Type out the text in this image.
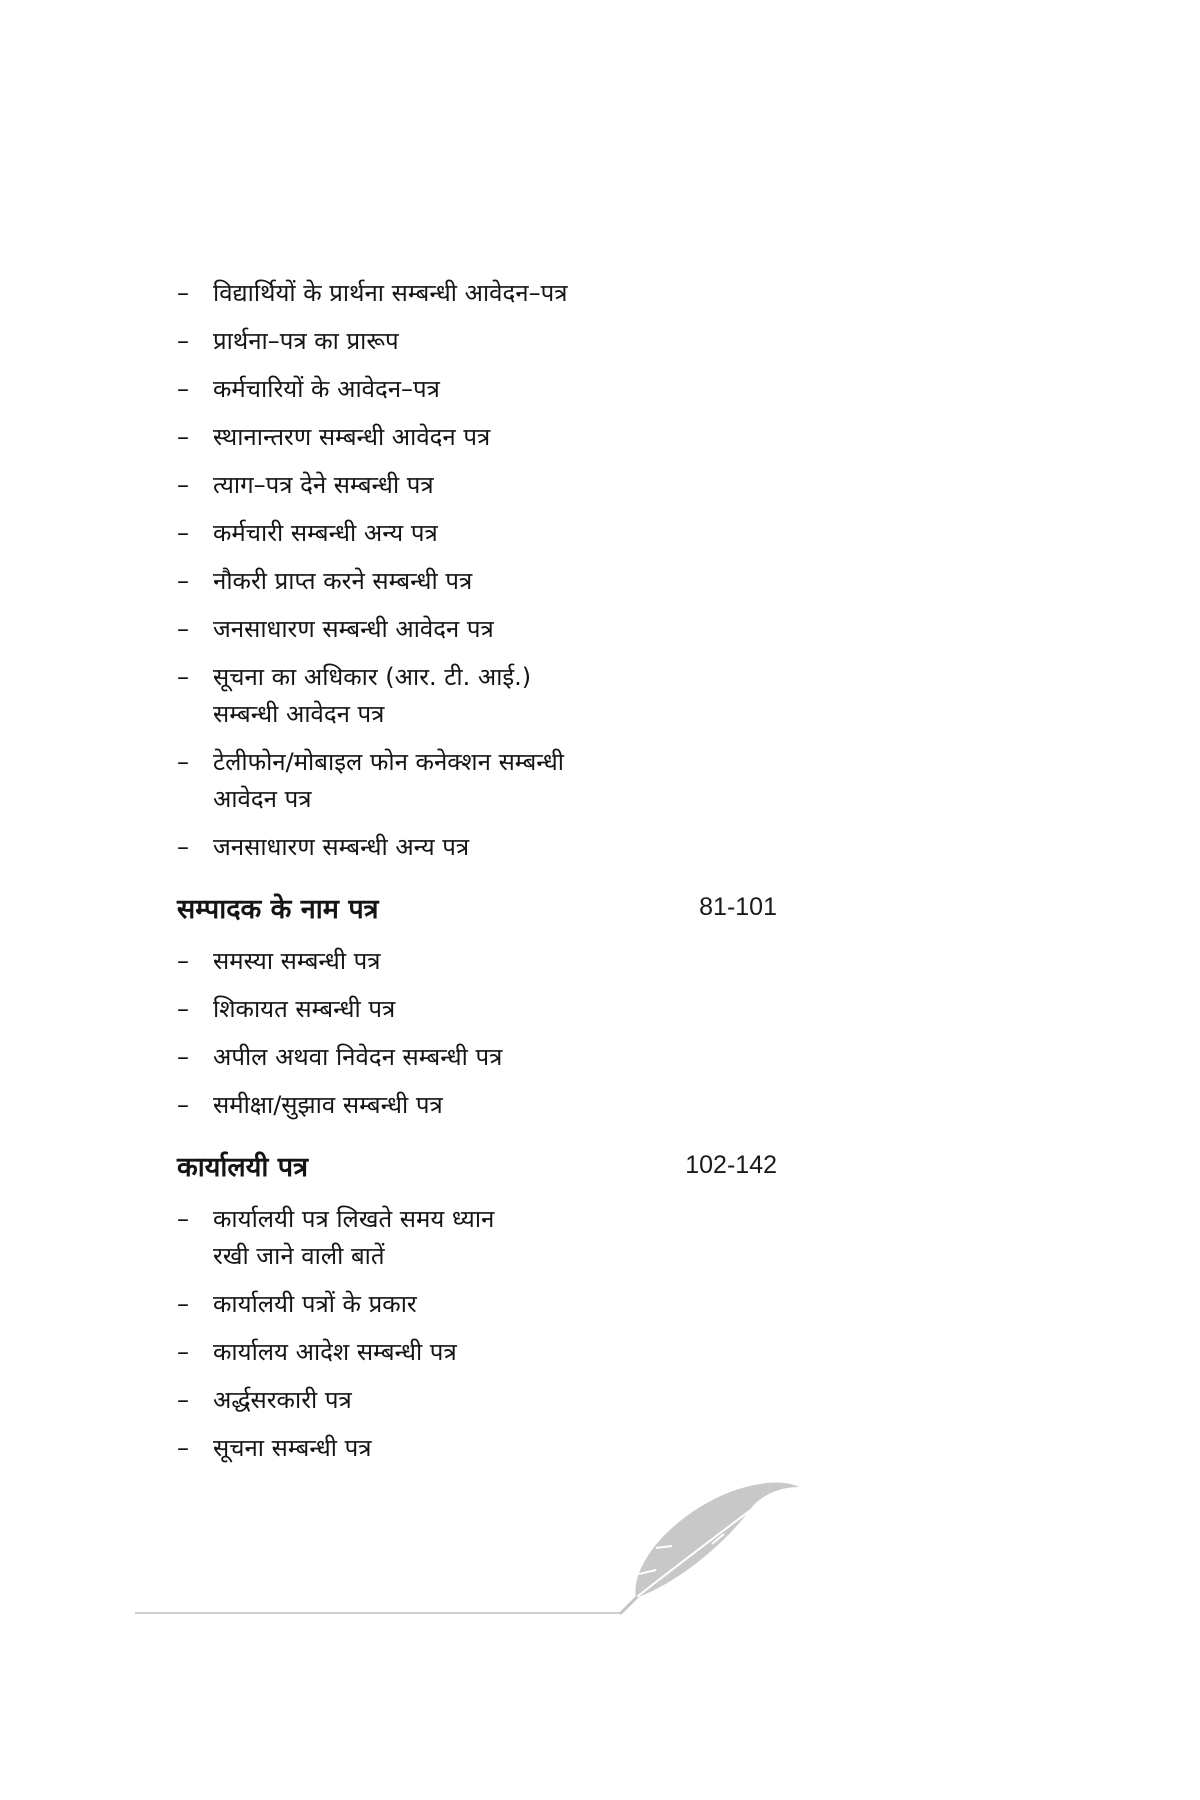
– विद्यार्थियों के प्रार्थना सम्बन्धी आवेदन–पत्र
– प्रार्थना–पत्र का प्रारूप
– कर्मचारियों के आवेदन–पत्र
– स्थानान्तरण सम्बन्धी आवेदन पत्र
– त्याग–पत्र देने सम्बन्धी पत्र
– कर्मचारी सम्बन्धी अन्य पत्र
– नौकरी प्राप्त करने सम्बन्धी पत्र
– जनसाधारण सम्बन्धी आवेदन पत्र
– सूचना का अधिकार (आर. टी. आई.)
सम्बन्धी आवेदन पत्र
– टेलीफोन/मोबाइल फोन कनेक्शन सम्बन्धी
आवेदन पत्र
– जनसाधारण सम्बन्धी अन्य पत्र
सम्पादक के नाम पत्र	81-101
– समस्या सम्बन्धी पत्र
– शिकायत सम्बन्धी पत्र
– अपील अथवा निवेदन सम्बन्धी पत्र
– समीक्षा/सुझाव सम्बन्धी पत्र
कार्यालयी पत्र	102-142
– कार्यालयी पत्र लिखते समय ध्यान
रखी जाने वाली बातें
– कार्यालयी पत्रों के प्रकार
– कार्यालय आदेश सम्बन्धी पत्र
– अर्द्धसरकारी पत्र
– सूचना सम्बन्धी पत्र
